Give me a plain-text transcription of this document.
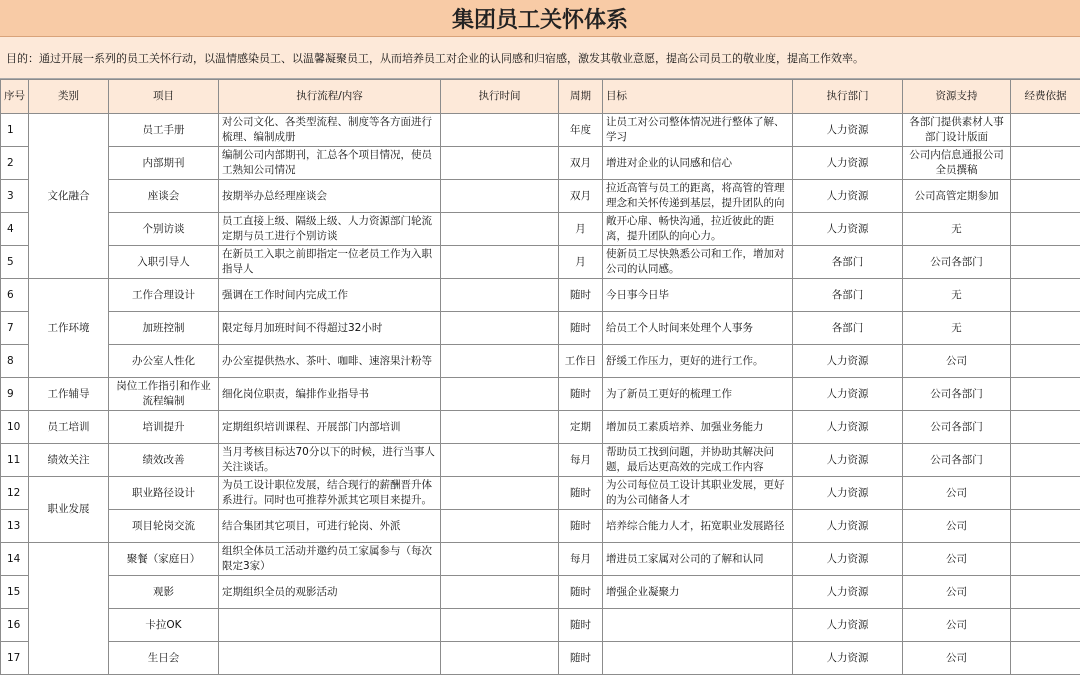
集团员工关怀体系
目的：通过开展一系列的员工关怀行动，以温情感染员工、以温馨凝聚员工，从而培养员工对企业的认同感和归宿感，激发其敬业意愿，提高公司员工的敬业度，提高工作效率。
序号	类别	项目	执行流程/内容	执行时间	周期	目标	执行部门	资源支持	经费依据

1	文化融合	员工手册	对公司文化、各类型流程、制度等各方面进行梳理、编制成册		年度	让员工对公司整体情况进行整体了解、学习	人力资源	各部门提供素材人事部门设计版面	

2		内部期刊	编制公司内部期刊，汇总各个项目情况，使员工熟知公司情况		双月	增进对企业的认同感和信心	人力资源	公司内信息通报公司全员撰稿	

3		座谈会	按期举办总经理座谈会		双月	拉近高管与员工的距离，将高管的管理理念和关怀传递到基层，提升团队的向	人力资源	公司高管定期参加	

4		个别访谈	员工直接上级、隔级上级、人力资源部门轮流定期与员工进行个别访谈		月	敞开心扉、畅快沟通，拉近彼此的距离，提升团队的向心力。	人力资源	无	

5		入职引导人	在新员工入职之前即指定一位老员工作为入职指导人		月	使新员工尽快熟悉公司和工作，增加对公司的认同感。	各部门	公司各部门	

6	工作环境	工作合理设计	强调在工作时间内完成工作		随时	今日事今日毕	各部门	无	

7		加班控制	限定每月加班时间不得超过32小时		随时	给员工个人时间来处理个人事务	各部门	无	

8		办公室人性化	办公室提供热水、茶叶、咖啡、速溶果汁粉等		工作日	舒缓工作压力，更好的进行工作。	人力资源	公司	

9	工作辅导	岗位工作指引和作业流程编制	细化岗位职责，编排作业指导书		随时	为了新员工更好的梳理工作	人力资源	公司各部门	

10	员工培训	培训提升	定期组织培训课程、开展部门内部培训		定期	增加员工素质培养、加强业务能力	人力资源	公司各部门	

11	绩效关注	绩效改善	当月考核目标达70分以下的时候，进行当事人关注谈话。		每月	帮助员工找到问题，并协助其解决问题，最后达更高效的完成工作内容	人力资源	公司各部门	

12	职业发展	职业路径设计	为员工设计职位发展，结合现行的薪酬晋升体系进行。同时也可推荐外派其它项目来提升。		随时	为公司每位员工设计其职业发展，更好的为公司储备人才	人力资源	公司	

13		项目轮岗交流	结合集团其它项目，可进行轮岗、外派		随时	培养综合能力人才，拓宽职业发展路径	人力资源	公司	

14		聚餐（家庭日）	组织全体员工活动并邀约员工家属参与（每次限定3家）		每月	增进员工家属对公司的了解和认同	人力资源	公司	

15		观影	定期组织全员的观影活动		随时	增强企业凝聚力	人力资源	公司	

16		卡拉OK			随时		人力资源	公司	

17		生日会			随时		人力资源	公司	
